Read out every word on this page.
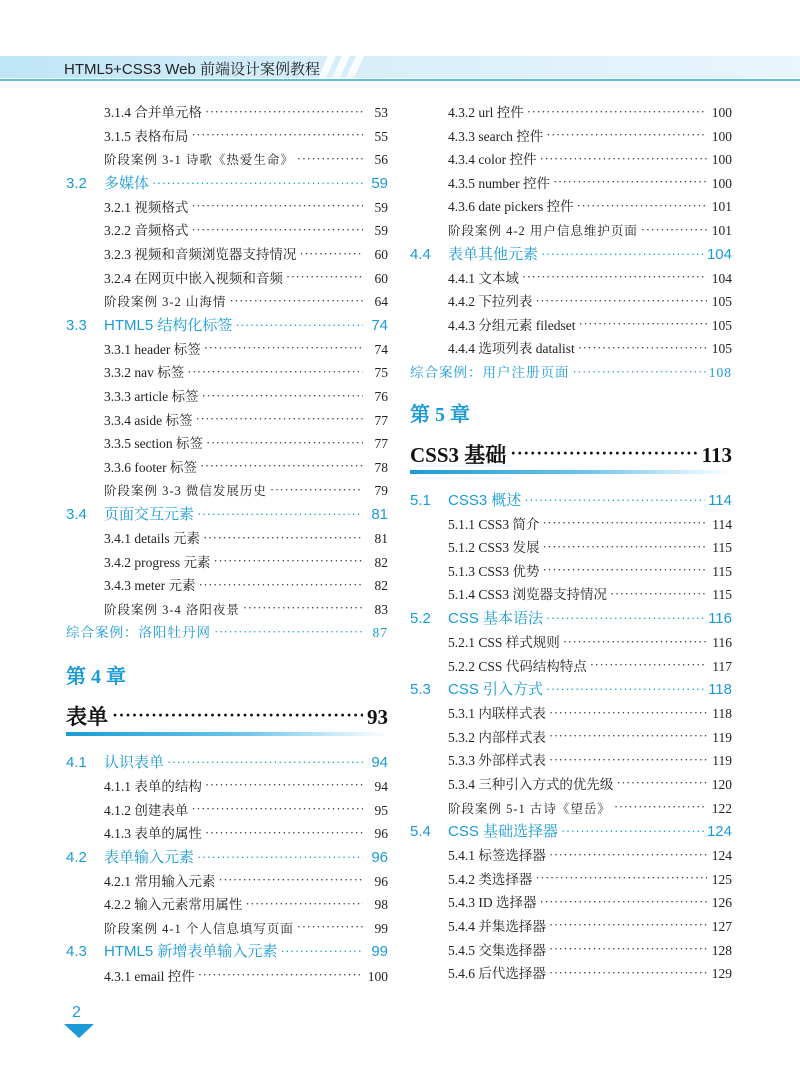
HTML5+CSS3 Web 前端设计案例教程
3.1.4 合并单元格 ·····	53
3.1.5 表格布局 ·····	55
阶段案例 3-1 诗歌《热爱生命》 ·····	56
3.2 多媒体 ·····	59
3.2.1 视频格式 ·····	59
3.2.2 音频格式 ·····	59
3.2.3 视频和音频浏览器支持情况 ·····	60
3.2.4 在网页中嵌入视频和音频 ·····	60
阶段案例 3-2 山海情 ·····	64
3.3 HTML5 结构化标签 ·····	74
3.3.1 header 标签 ·····	74
3.3.2 nav 标签 ·····	75
3.3.3 article 标签 ·····	76
3.3.4 aside 标签 ·····	77
3.3.5 section 标签 ·····	77
3.3.6 footer 标签 ·····	78
阶段案例 3-3 微信发展历史 ·····	79
3.4 页面交互元素 ·····	81
3.4.1 details 元素 ·····	81
3.4.2 progress 元素 ·····	82
3.4.3 meter 元素 ·····	82
阶段案例 3-4 洛阳夜景 ·····	83
综合案例：洛阳牡丹网 ·····	87
第 4 章
表单 ·····	93
4.1 认识表单 ·····	94
4.1.1 表单的结构 ·····	94
4.1.2 创建表单 ·····	95
4.1.3 表单的属性 ·····	96
4.2 表单输入元素 ·····	96
4.2.1 常用输入元素 ·····	96
4.2.2 输入元素常用属性 ·····	98
阶段案例 4-1 个人信息填写页面 ·····	99
4.3 HTML5 新增表单输入元素 ·····	99
4.3.1 email 控件 ·····	100
4.3.2 url 控件 ·····	100
4.3.3 search 控件 ·····	100
4.3.4 color 控件 ·····	100
4.3.5 number 控件 ·····	100
4.3.6 date pickers 控件 ·····	101
阶段案例 4-2 用户信息维护页面 ·····	101
4.4 表单其他元素 ·····	104
4.4.1 文本域 ·····	104
4.4.2 下拉列表 ·····	105
4.4.3 分组元素 filedset ·····	105
4.4.4 选项列表 datalist ·····	105
综合案例：用户注册页面 ·····	108
第 5 章
CSS3 基础 ·····	113
5.1 CSS3 概述 ·····	114
5.1.1 CSS3 简介 ·····	114
5.1.2 CSS3 发展 ·····	115
5.1.3 CSS3 优势 ·····	115
5.1.4 CSS3 浏览器支持情况 ·····	115
5.2 CSS 基本语法 ·····	116
5.2.1 CSS 样式规则 ·····	116
5.2.2 CSS 代码结构特点 ·····	117
5.3 CSS 引入方式 ·····	118
5.3.1 内联样式表 ·····	118
5.3.2 内部样式表 ·····	119
5.3.3 外部样式表 ·····	119
5.3.4 三种引入方式的优先级 ·····	120
阶段案例 5-1 古诗《望岳》 ·····	122
5.4 CSS 基础选择器 ·····	124
5.4.1 标签选择器 ·····	124
5.4.2 类选择器 ·····	125
5.4.3 ID 选择器 ·····	126
5.4.4 并集选择器 ·····	127
5.4.5 交集选择器 ·····	128
5.4.6 后代选择器 ·····	129
2
